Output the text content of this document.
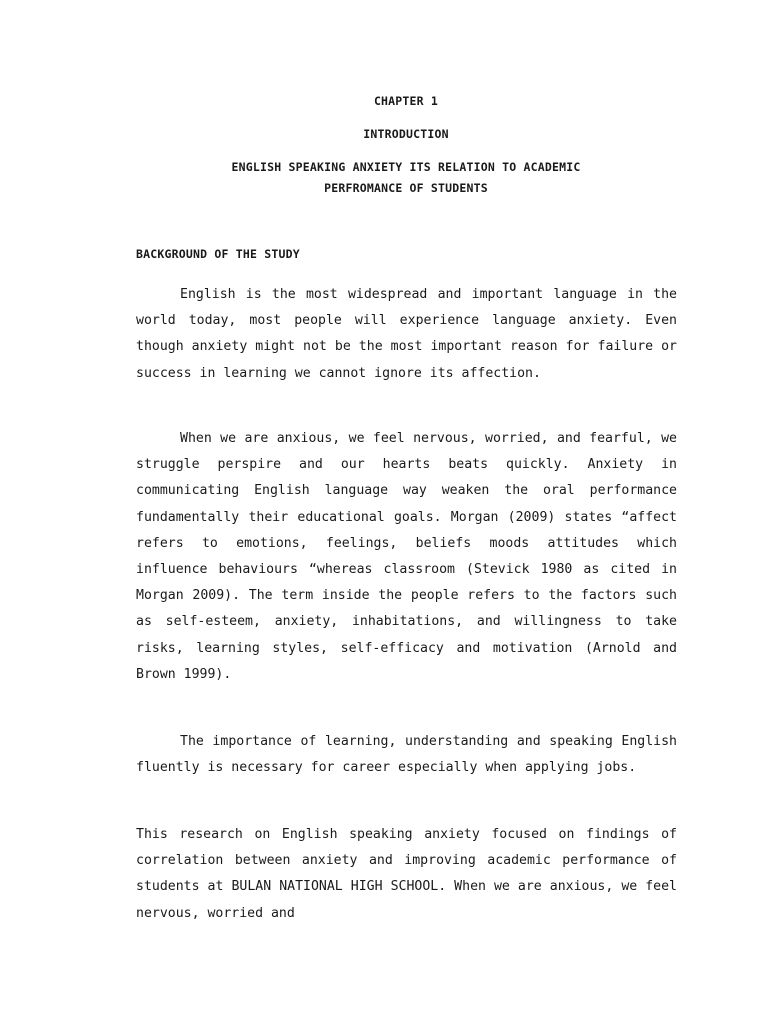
CHAPTER 1
INTRODUCTION
ENGLISH SPEAKING ANXIETY ITS RELATION TO ACADEMIC
PERFROMANCE OF STUDENTS
BACKGROUND OF THE STUDY
English is the most widespread and important language in the world today, most people will experience language anxiety. Even though anxiety might not be the most important reason for failure or success in learning we cannot ignore its affection.
When we are anxious, we feel nervous, worried, and fearful, we struggle perspire and our hearts beats quickly. Anxiety in communicating English language way weaken the oral performance fundamentally their educational goals. Morgan (2009) states “affect refers to emotions, feelings, beliefs moods attitudes which influence behaviours “whereas classroom (Stevick 1980 as cited in Morgan 2009). The term inside the people refers to the factors such as self-esteem, anxiety, inhabitations, and willingness to take risks, learning styles, self-efficacy and motivation (Arnold and Brown 1999).
The importance of learning, understanding and speaking English fluently is necessary for career especially when applying jobs.
This research on English speaking anxiety focused on findings of correlation between anxiety and improving academic performance of students at BULAN NATIONAL HIGH SCHOOL. When we are anxious, we feel nervous, worried and
